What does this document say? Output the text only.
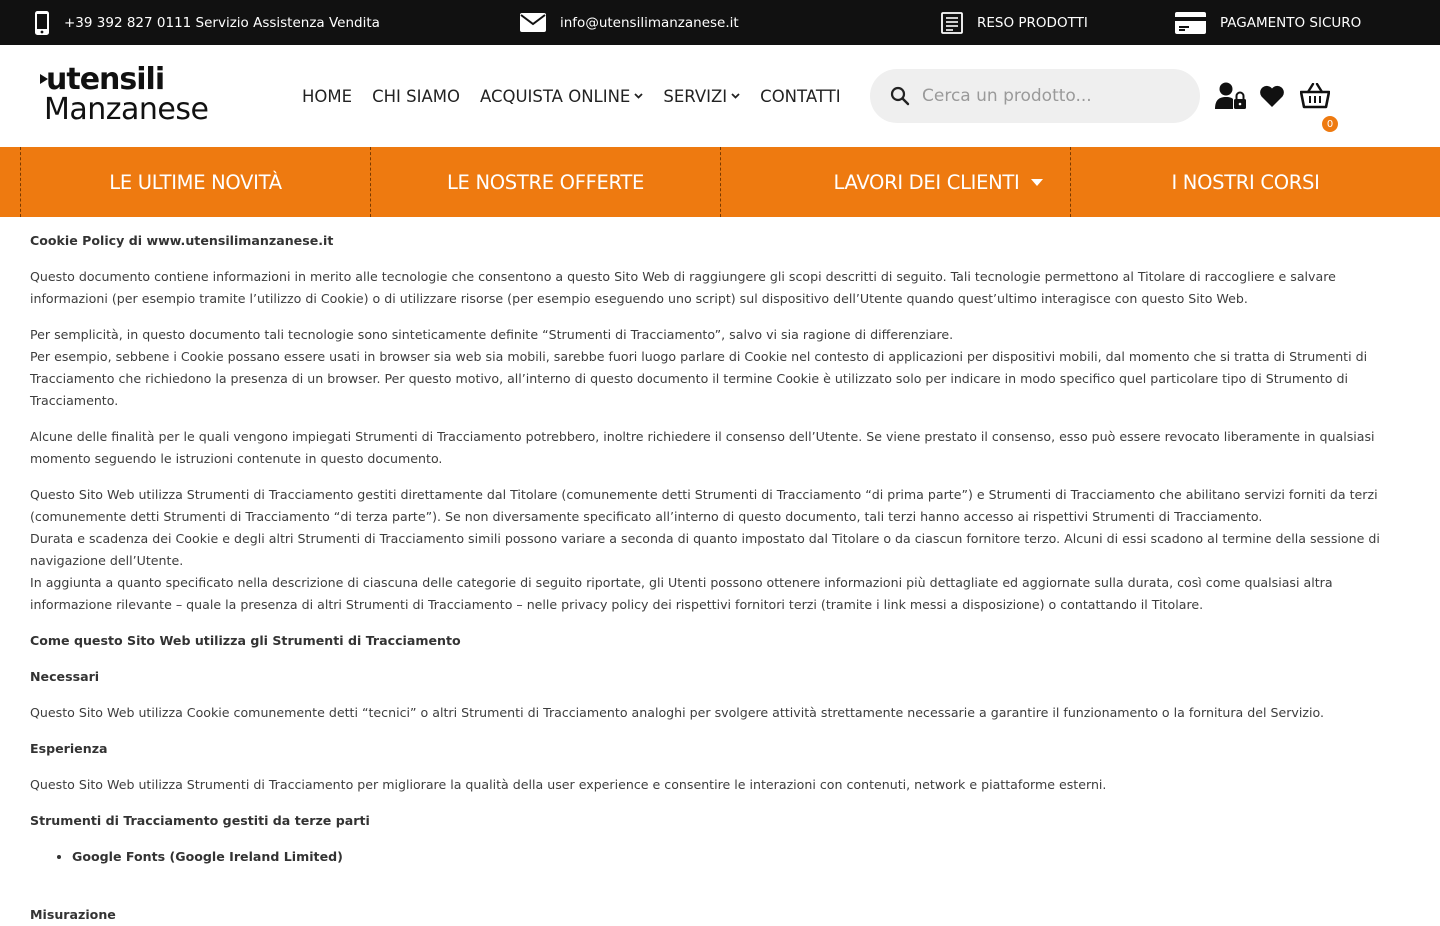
+39 392 827 0111 Servizio Assistenza Vendita	info@utensilimanzanese.it	RESO PRODOTTI	PAGAMENTO SICURO
utensili
Manzanese	HOME CHI SIAMO ACQUISTA ONLINE SERVIZI CONTATTI
Cerca un prodotto...
0
LE ULTIME NOVITÀ	LE NOSTRE OFFERTE	LAVORI DEI CLIENTI	I NOSTRI CORSI

Cookie Policy di www.utensilimanzanese.it

Questo documento contiene informazioni in merito alle tecnologie che consentono a questo Sito Web di raggiungere gli scopi descritti di seguito. Tali tecnologie permettono al Titolare di raccogliere e salvare informazioni (per esempio tramite l’utilizzo di Cookie) o di utilizzare risorse (per esempio eseguendo uno script) sul dispositivo dell’Utente quando quest’ultimo interagisce con questo Sito Web.

Per semplicità, in questo documento tali tecnologie sono sinteticamente definite “Strumenti di Tracciamento”, salvo vi sia ragione di differenziare.
Per esempio, sebbene i Cookie possano essere usati in browser sia web sia mobili, sarebbe fuori luogo parlare di Cookie nel contesto di applicazioni per dispositivi mobili, dal momento che si tratta di Strumenti di Tracciamento che richiedono la presenza di un browser. Per questo motivo, all’interno di questo documento il termine Cookie è utilizzato solo per indicare in modo specifico quel particolare tipo di Strumento di Tracciamento.

Alcune delle finalità per le quali vengono impiegati Strumenti di Tracciamento potrebbero, inoltre richiedere il consenso dell’Utente. Se viene prestato il consenso, esso può essere revocato liberamente in qualsiasi momento seguendo le istruzioni contenute in questo documento.

Questo Sito Web utilizza Strumenti di Tracciamento gestiti direttamente dal Titolare (comunemente detti Strumenti di Tracciamento “di prima parte”) e Strumenti di Tracciamento che abilitano servizi forniti da terzi (comunemente detti Strumenti di Tracciamento “di terza parte”). Se non diversamente specificato all’interno di questo documento, tali terzi hanno accesso ai rispettivi Strumenti di Tracciamento.
Durata e scadenza dei Cookie e degli altri Strumenti di Tracciamento simili possono variare a seconda di quanto impostato dal Titolare o da ciascun fornitore terzo. Alcuni di essi scadono al termine della sessione di navigazione dell’Utente.
In aggiunta a quanto specificato nella descrizione di ciascuna delle categorie di seguito riportate, gli Utenti possono ottenere informazioni più dettagliate ed aggiornate sulla durata, così come qualsiasi altra informazione rilevante – quale la presenza di altri Strumenti di Tracciamento – nelle privacy policy dei rispettivi fornitori terzi (tramite i link messi a disposizione) o contattando il Titolare.

Come questo Sito Web utilizza gli Strumenti di Tracciamento

Necessari

Questo Sito Web utilizza Cookie comunemente detti “tecnici” o altri Strumenti di Tracciamento analoghi per svolgere attività strettamente necessarie a garantire il funzionamento o la fornitura del Servizio.

Esperienza

Questo Sito Web utilizza Strumenti di Tracciamento per migliorare la qualità della user experience e consentire le interazioni con contenuti, network e piattaforme esterni.

Strumenti di Tracciamento gestiti da terze parti

• Google Fonts (Google Ireland Limited)

Misurazione
